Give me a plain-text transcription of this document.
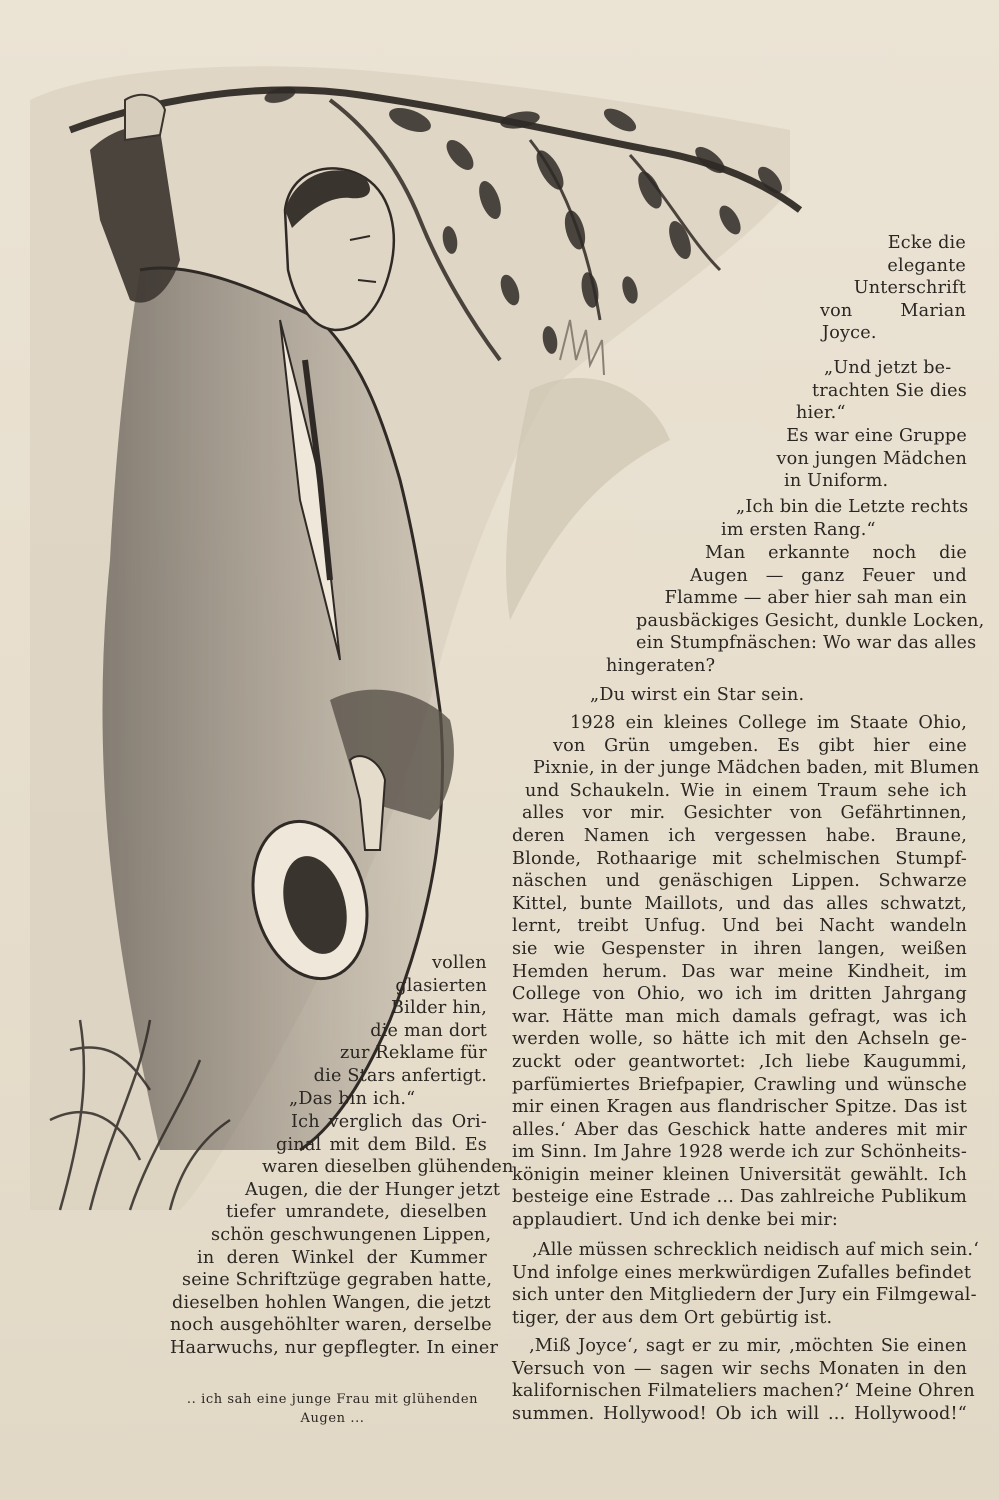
Ecke die
elegante
Unterschrift
von Marian
Joyce.
„Und jetzt be-
trachten Sie dies
hier.“
Es war eine Gruppe
von jungen Mädchen
in Uniform.
„Ich bin die Letzte rechts
im ersten Rang.“
Man erkannte noch die
Augen — ganz Feuer und
Flamme — aber hier sah man ein
pausbäckiges Gesicht, dunkle Locken,
ein Stumpfnäschen: Wo war das alles
hingeraten?
„Du wirst ein Star sein.
1928 ein kleines College im Staate Ohio,
von Grün umgeben. Es gibt hier eine
Pixnie, in der junge Mädchen baden, mit Blumen
und Schaukeln. Wie in einem Traum sehe ich
alles vor mir. Gesichter von Gefährtinnen,
deren Namen ich vergessen habe. Braune,
Blonde, Rothaarige mit schelmischen Stumpf-
näschen und genäschigen Lippen. Schwarze
Kittel, bunte Maillots, und das alles schwatzt,
lernt, treibt Unfug. Und bei Nacht wandeln
sie wie Gespenster in ihren langen, weißen
Hemden herum. Das war meine Kindheit, im
College von Ohio, wo ich im dritten Jahrgang
war. Hätte man mich damals gefragt, was ich
werden wolle, so hätte ich mit den Achseln ge-
zuckt oder geantwortet: ‚Ich liebe Kaugummi,
parfümiertes Briefpapier, Crawling und wünsche
mir einen Kragen aus flandrischer Spitze. Das ist
alles.‘ Aber das Geschick hatte anderes mit mir
im Sinn. Im Jahre 1928 werde ich zur Schönheits-
königin meiner kleinen Universität gewählt. Ich
besteige eine Estrade ... Das zahlreiche Publikum
applaudiert. Und ich denke bei mir:
‚Alle müssen schrecklich neidisch auf mich sein.‘
Und infolge eines merkwürdigen Zufalles befindet
sich unter den Mitgliedern der Jury ein Filmgewal-
tiger, der aus dem Ort gebürtig ist.
‚Miß Joyce‘, sagt er zu mir, ‚möchten Sie einen
Versuch von — sagen wir sechs Monaten in den
kalifornischen Filmateliers machen?‘ Meine Ohren
summen. Hollywood! Ob ich will ... Hollywood!“
vollen
glasierten
Bilder hin,
die man dort
zur Reklame für
die Stars anfertigt.
„Das bin ich.“
Ich verglich das Ori-
ginal mit dem Bild. Es
waren dieselben glühenden
Augen, die der Hunger jetzt
tiefer umrandete, dieselben
schön geschwungenen Lippen,
in deren Winkel der Kummer
seine Schriftzüge gegraben hatte,
dieselben hohlen Wangen, die jetzt
noch ausgehöhlter waren, derselbe
Haarwuchs, nur gepflegter. In einer
.. ich sah eine junge Frau mit glühenden
Augen ...
